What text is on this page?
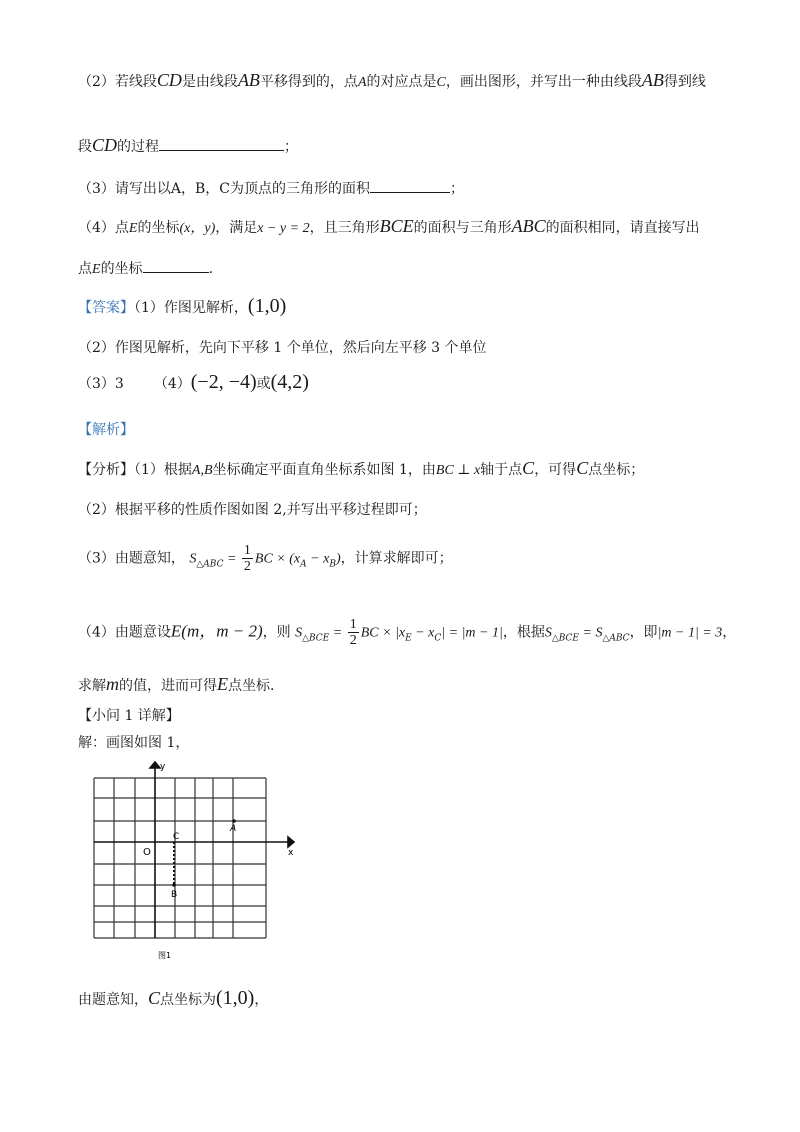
（2）若线段CD是由线段AB平移得到的，点A的对应点是C，画出图形，并写出一种由线段AB得到线
段CD的过程	；
（3）请写出以A，B，C为顶点的三角形的面积	；
（4）点E的坐标(x，y)，满足x − y = 2，且三角形BCE的面积与三角形ABC的面积相同，请直接写出
点E的坐标	.
【答案】（1）作图见解析，(1,0)
（2）作图见解析，先向下平移 1 个单位，然后向左平移 3 个单位
（3）3 （4）(−2, −4)或(4,2)
【解析】
【分析】（1）根据A,B坐标确定平面直角坐标系如图 1，由BC ⊥ x轴于点C，可得C点坐标；
（2）根据平移的性质作图如图 2,并写出平移过程即可；
（3）由题意知， $S_{\triangle ABC} = \frac{1}{2}$ BC × $(x_A - x_B)$，计算求解即可；
（4）由题意设E(m，m − 2)，则 $S_{\triangle BCE} = \frac{1}{2}$ BC × $|x_E - x_C| = |m - 1|$，根据$S_{\triangle BCE} = S_{\triangle ABC}$，即|m − 1| = 3，
求解m的值，进而可得E点坐标.
【小问 1 详解】
解：画图如图 1，
y
x
O
A
B
C
图1
由题意知，C点坐标为(1,0)，
